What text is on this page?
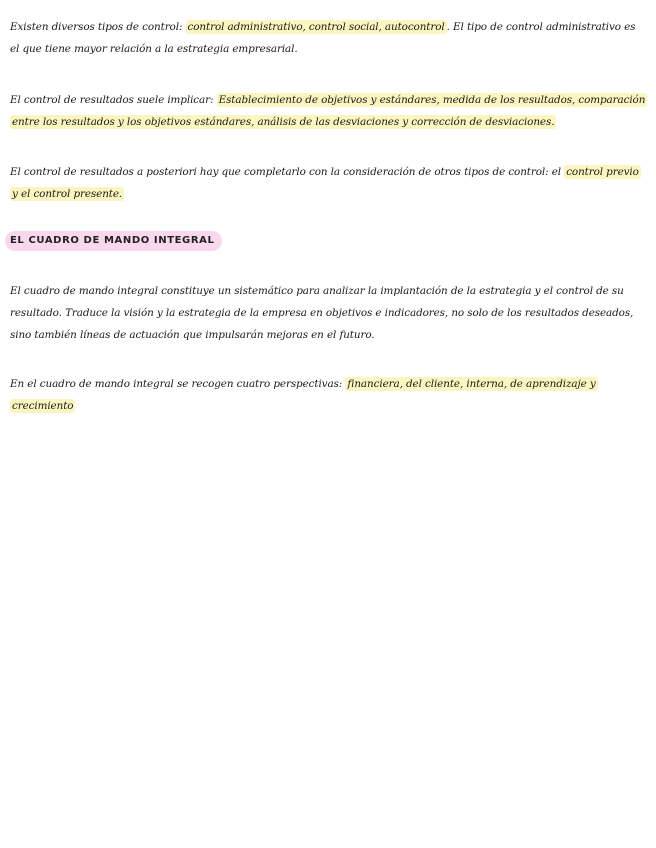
Existen diversos tipos de control: control administrativo, control social, autocontrol . El tipo de control administrativo es el que tiene mayor relación a la estrategia empresarial.

El control de resultados suele implicar: Establecimiento de objetivos y estándares, medida de los resultados, comparación entre los resultados y los objetivos estándares, análisis de las desviaciones y corrección de desviaciones.

El control de resultados a posteriori hay que completarlo con la consideración de otros tipos de control: el control previo y el control presente.

EL CUADRO DE MANDO INTEGRAL

El cuadro de mando integral constituye un sistemático para analizar la implantación de la estrategia y el control de su resultado. Traduce la visión y la estrategia de la empresa en objetivos e indicadores, no solo de los resultados deseados, sino también líneas de actuación que impulsarán mejoras en el futuro.

En el cuadro de mando integral se recogen cuatro perspectivas: financiera, del cliente, interna, de aprendizaje y crecimiento
